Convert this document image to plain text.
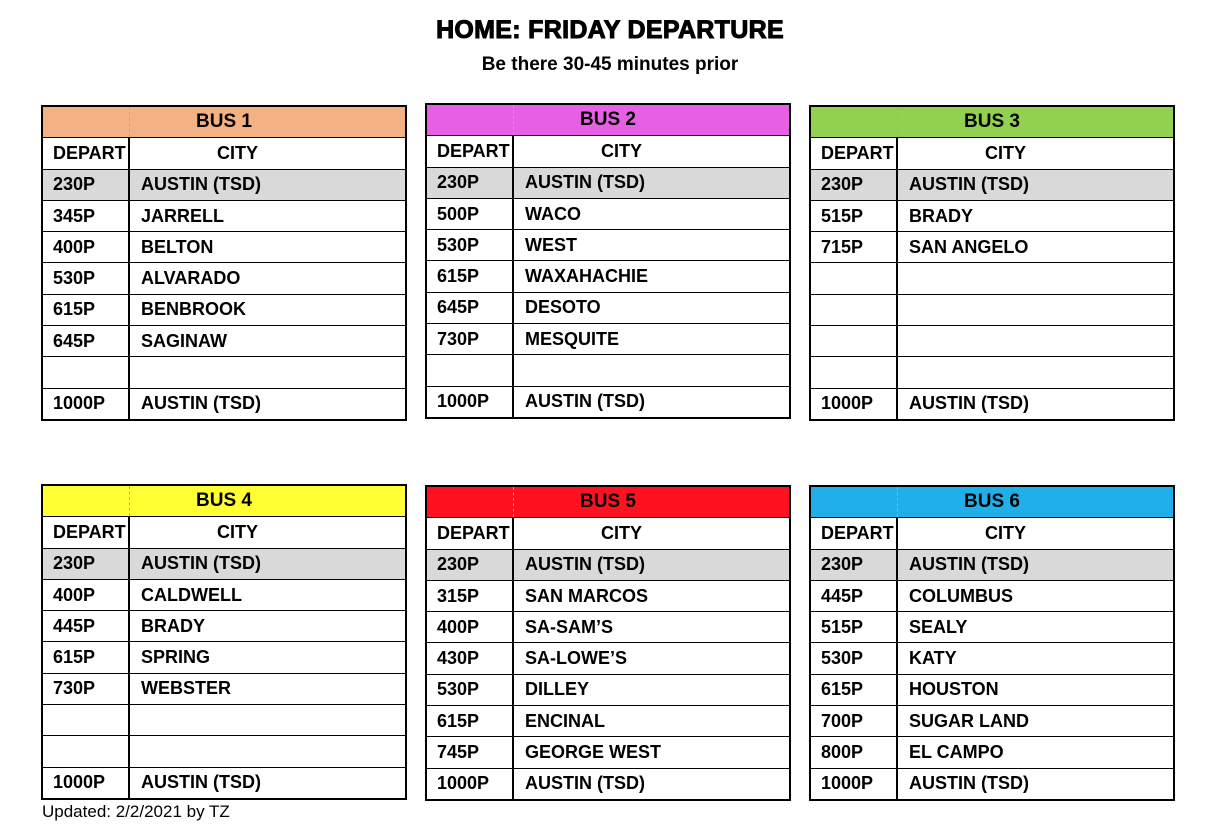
HOME: FRIDAY DEPARTURE
Be there 30-45 minutes prior
BUS 1
DEPART	CITY
230P	AUSTIN (TSD)
345P	JARRELL
400P	BELTON
530P	ALVARADO
615P	BENBROOK
645P	SAGINAW
1000P	AUSTIN (TSD)
BUS 2
DEPART	CITY
230P	AUSTIN (TSD)
500P	WACO
530P	WEST
615P	WAXAHACHIE
645P	DESOTO
730P	MESQUITE
1000P	AUSTIN (TSD)
BUS 3
DEPART	CITY
230P	AUSTIN (TSD)
515P	BRADY
715P	SAN ANGELO
1000P	AUSTIN (TSD)
BUS 4
DEPART	CITY
230P	AUSTIN (TSD)
400P	CALDWELL
445P	BRADY
615P	SPRING
730P	WEBSTER
1000P	AUSTIN (TSD)
BUS 5
DEPART	CITY
230P	AUSTIN (TSD)
315P	SAN MARCOS
400P	SA-SAM’S
430P	SA-LOWE’S
530P	DILLEY
615P	ENCINAL
745P	GEORGE WEST
1000P	AUSTIN (TSD)
BUS 6
DEPART	CITY
230P	AUSTIN (TSD)
445P	COLUMBUS
515P	SEALY
530P	KATY
615P	HOUSTON
700P	SUGAR LAND
800P	EL CAMPO
1000P	AUSTIN (TSD)
Updated: 2/2/2021 by TZ
